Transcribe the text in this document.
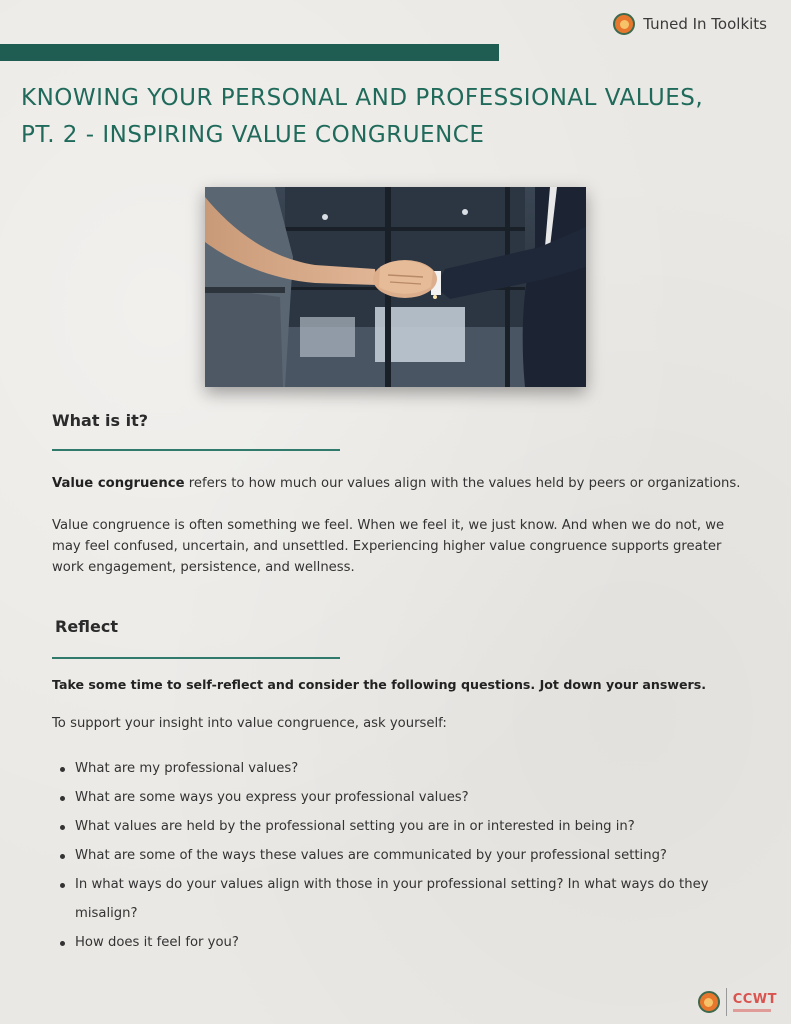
Tuned In Toolkits
KNOWING YOUR PERSONAL AND PROFESSIONAL VALUES,
PT. 2 - INSPIRING VALUE CONGRUENCE
What is it?

Value congruence refers to how much our values align with the values held by peers or organizations.

Value congruence is often something we feel. When we feel it, we just know. And when we do not, we may feel confused, uncertain, and unsettled. Experiencing higher value congruence supports greater work engagement, persistence, and wellness.

Reflect

Take some time to self-reflect and consider the following questions. Jot down your answers.

To support your insight into value congruence, ask yourself:

What are my professional values?
What are some ways you express your professional values?
What values are held by the professional setting you are in or interested in being in?
What are some of the ways these values are communicated by your professional setting?
In what ways do your values align with those in your professional setting? In what ways do they misalign?
How does it feel for you?
CCWT
